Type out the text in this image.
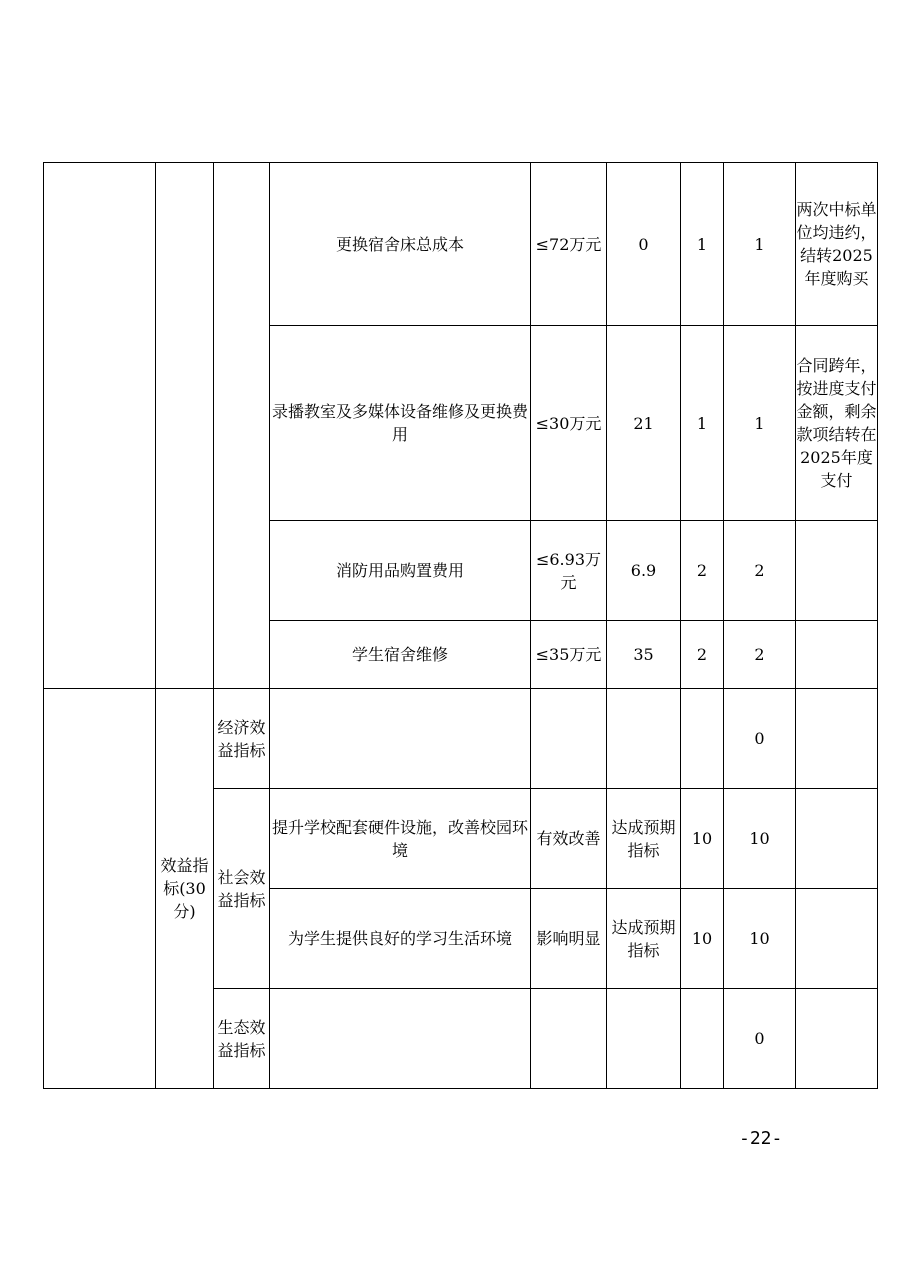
			更换宿舍床总成本	≤72万元	0	1	1	两次中标单位均违约，结转2025年度购买
			录播教室及多媒体设备维修及更换费用	≤30万元	21	1	1	合同跨年，按进度支付金额，剩余款项结转在2025年度支付
			消防用品购置费用	≤6.93万元	6.9	2	2	
			学生宿舍维修	≤35万元	35	2	2	
	效益指标(30分)	经济效益指标					0	
		社会效益指标	提升学校配套硬件设施，改善校园环境	有效改善	达成预期指标	10	10	
			为学生提供良好的学习生活环境	影响明显	达成预期指标	10	10	
		生态效益指标					0	
-22-
